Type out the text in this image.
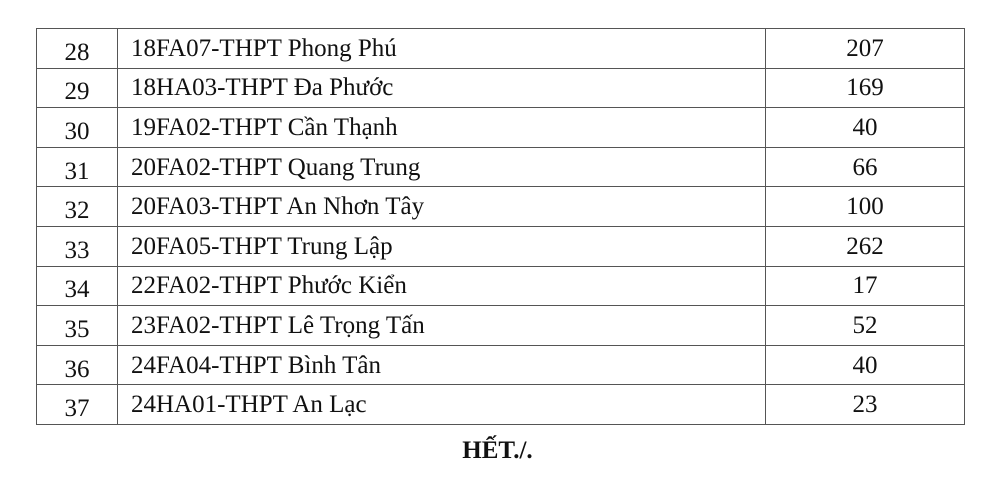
28	18FA07-THPT Phong Phú	207
29	18HA03-THPT Đa Phước	169
30	19FA02-THPT Cần Thạnh	40
31	20FA02-THPT Quang Trung	66
32	20FA03-THPT An Nhơn Tây	100
33	20FA05-THPT Trung Lập	262
34	22FA02-THPT Phước Kiển	17
35	23FA02-THPT Lê Trọng Tấn	52
36	24FA04-THPT Bình Tân	40
37	24HA01-THPT An Lạc	23
HẾT./.
